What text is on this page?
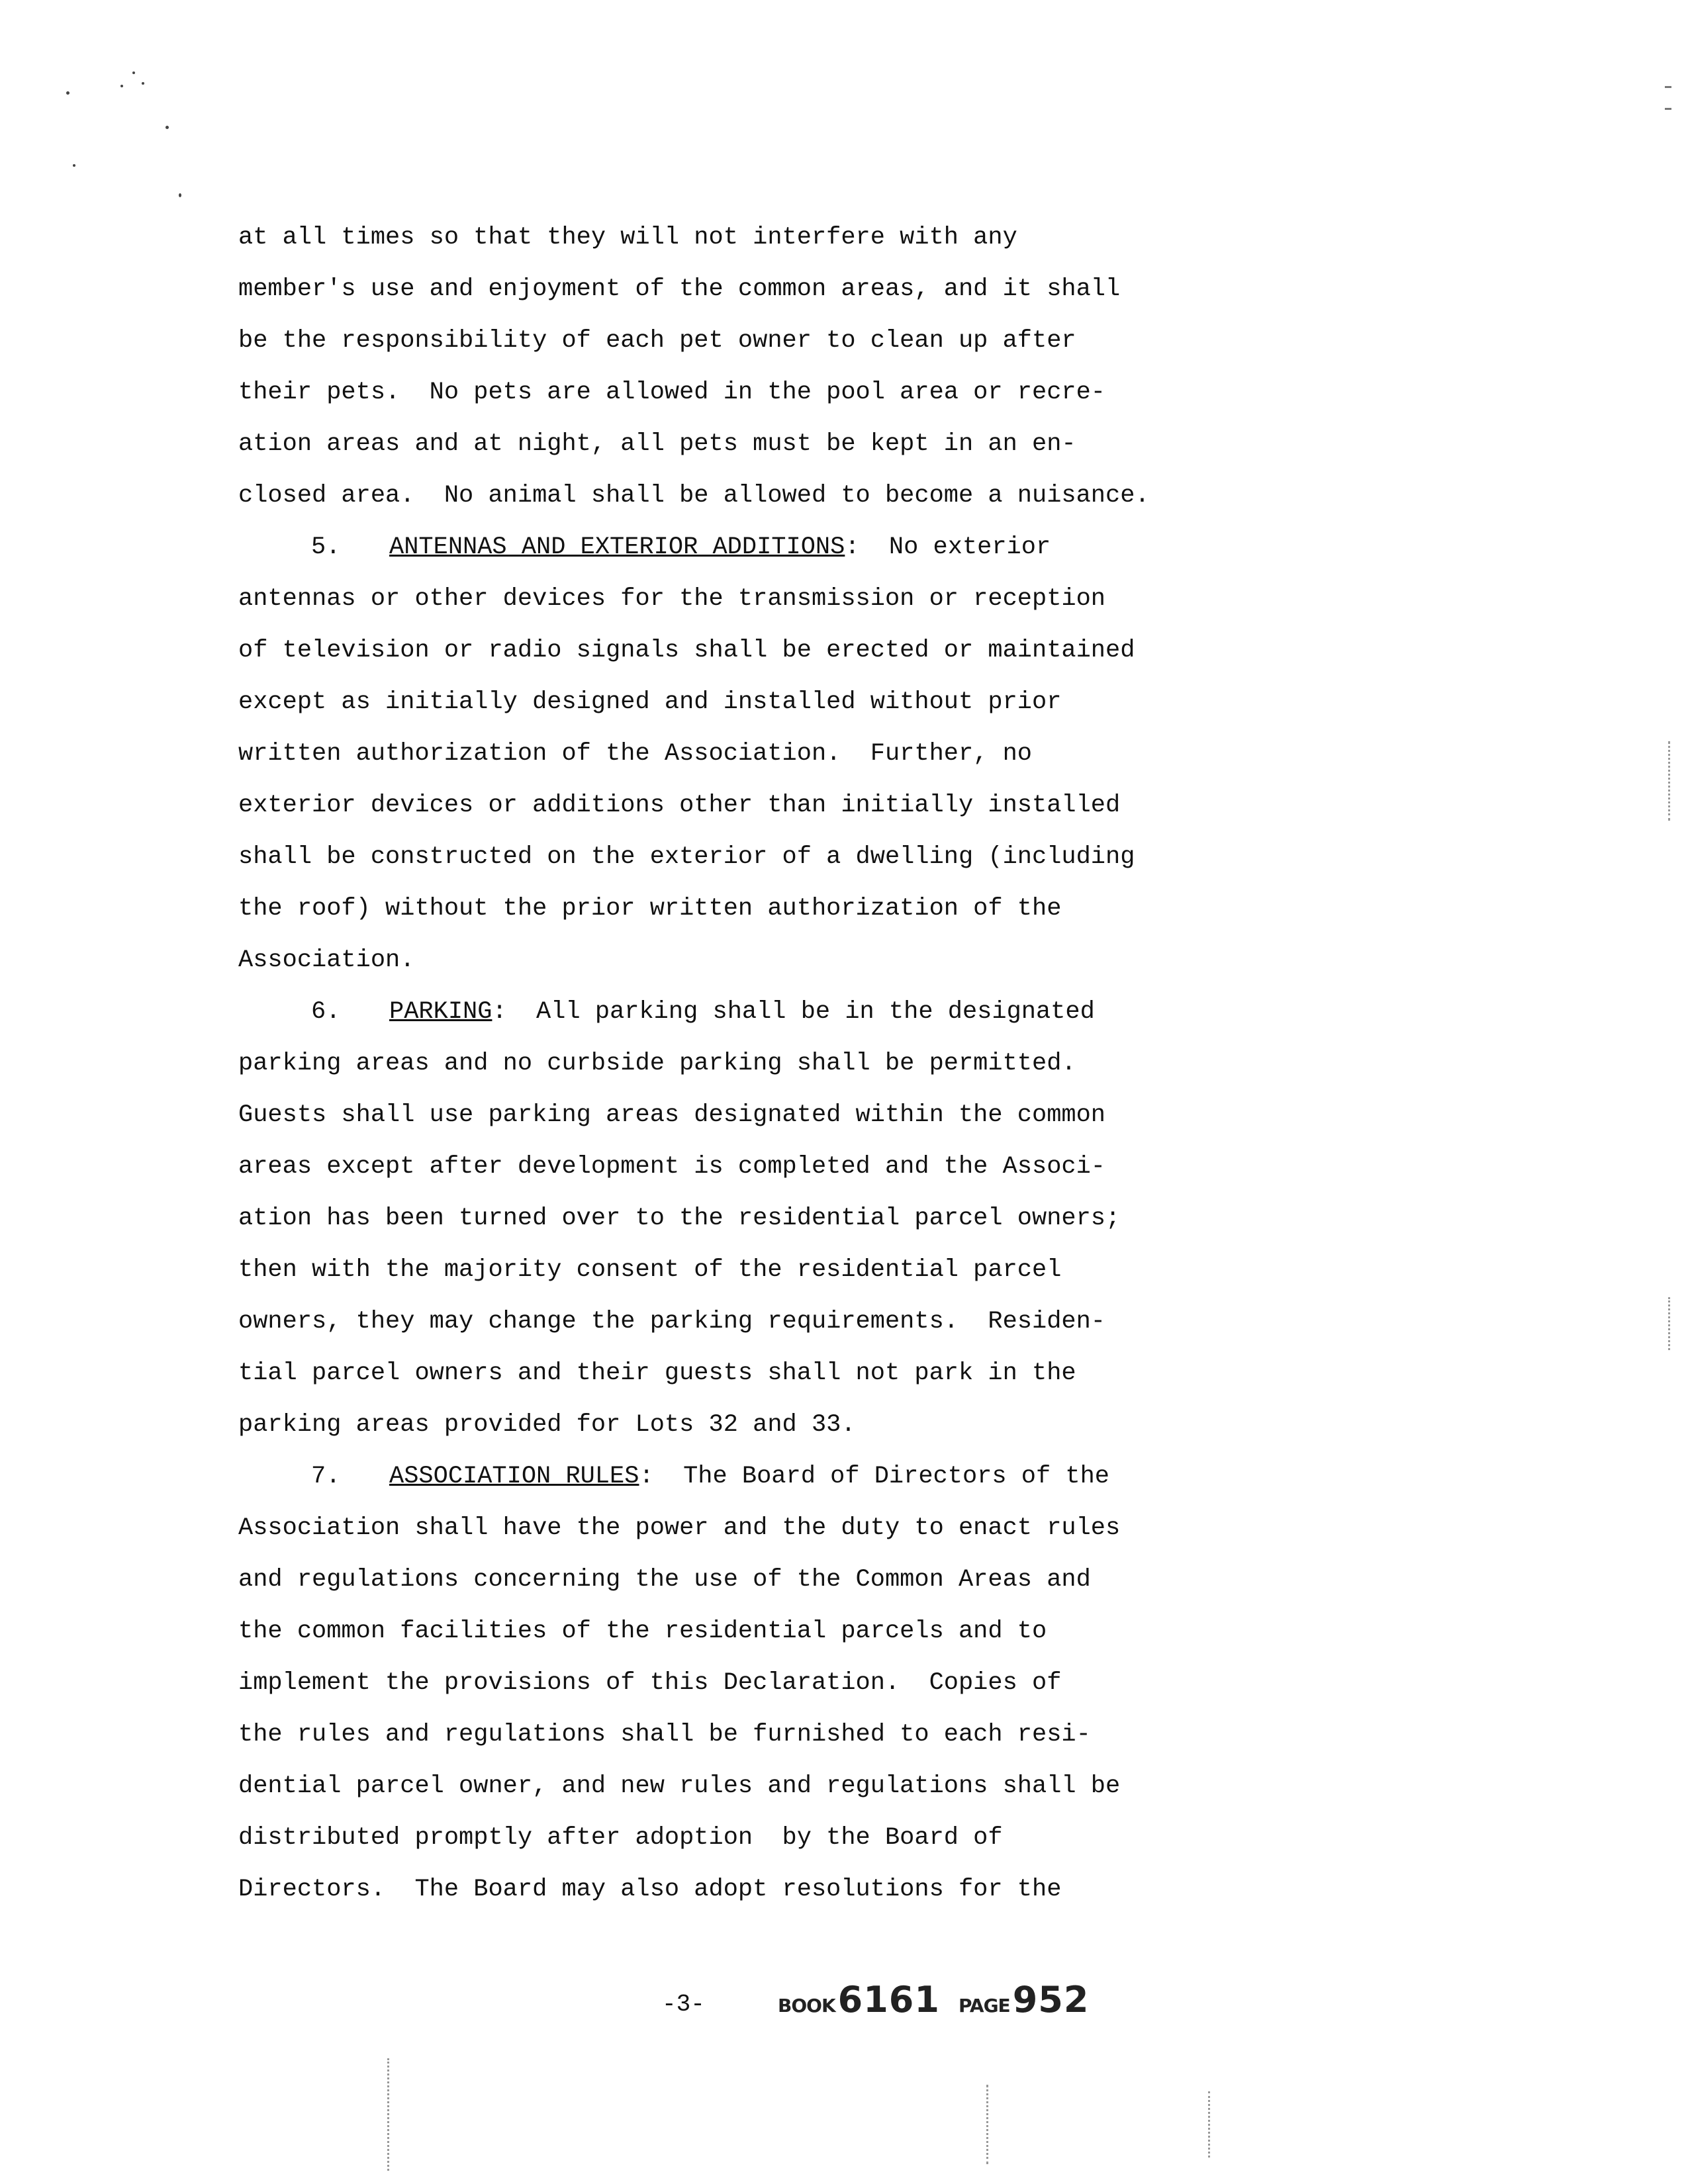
at all times so that they will not interfere with any
member's use and enjoyment of the common areas, and it shall
be the responsibility of each pet owner to clean up after
their pets.  No pets are allowed in the pool area or recre-
ation areas and at night, all pets must be kept in an en-
closed area.  No animal shall be allowed to become a nuisance.
5. ANTENNAS AND EXTERIOR ADDITIONS:  No exterior
antennas or other devices for the transmission or reception
of television or radio signals shall be erected or maintained
except as initially designed and installed without prior
written authorization of the Association.  Further, no
exterior devices or additions other than initially installed
shall be constructed on the exterior of a dwelling (including
the roof) without the prior written authorization of the
Association.
6. PARKING:  All parking shall be in the designated
parking areas and no curbside parking shall be permitted.
Guests shall use parking areas designated within the common
areas except after development is completed and the Associ-
ation has been turned over to the residential parcel owners;
then with the majority consent of the residential parcel
owners, they may change the parking requirements.  Residen-
tial parcel owners and their guests shall not park in the
parking areas provided for Lots 32 and 33.
7. ASSOCIATION RULES:  The Board of Directors of the
Association shall have the power and the duty to enact rules
and regulations concerning the use of the Common Areas and
the common facilities of the residential parcels and to
implement the provisions of this Declaration.  Copies of
the rules and regulations shall be furnished to each resi-
dential parcel owner, and new rules and regulations shall be
distributed promptly after adoption  by the Board of
Directors.  The Board may also adopt resolutions for the
-3-	BOOK 6161 PAGE 952
